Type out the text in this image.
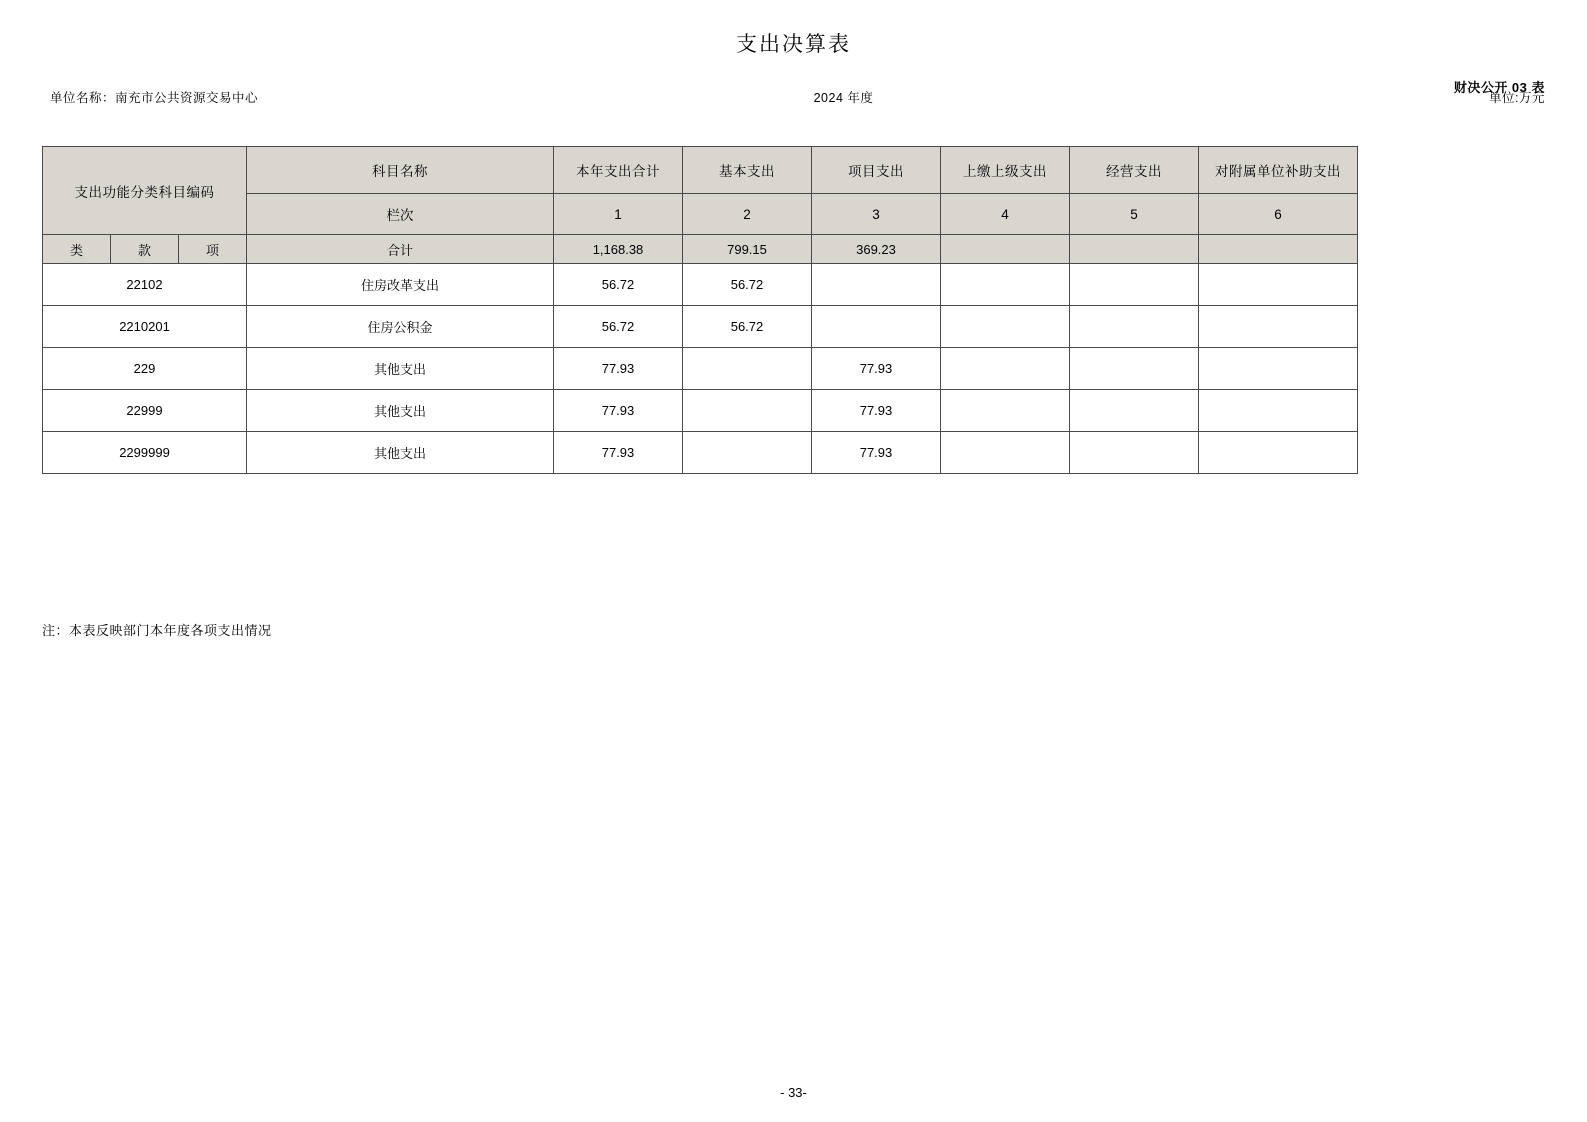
支出决算表
财决公开 03 表
单位名称：南充市公共资源交易中心	2024 年度	单位:万元
支出功能分类科目编码			科目名称	本年支出合计	基本支出	项目支出	上缴上级支出	经营支出	对附属单位补助支出
			栏次	1	2	3	4	5	6
类	款	项	合计	1,168.38	799.15	369.23			
22102			住房改革支出	56.72	56.72				
2210201			住房公积金	56.72	56.72				
229			其他支出	77.93		77.93			
22999			其他支出	77.93		77.93			
2299999			其他支出	77.93		77.93			
注：本表反映部门本年度各项支出情况
- 33-
